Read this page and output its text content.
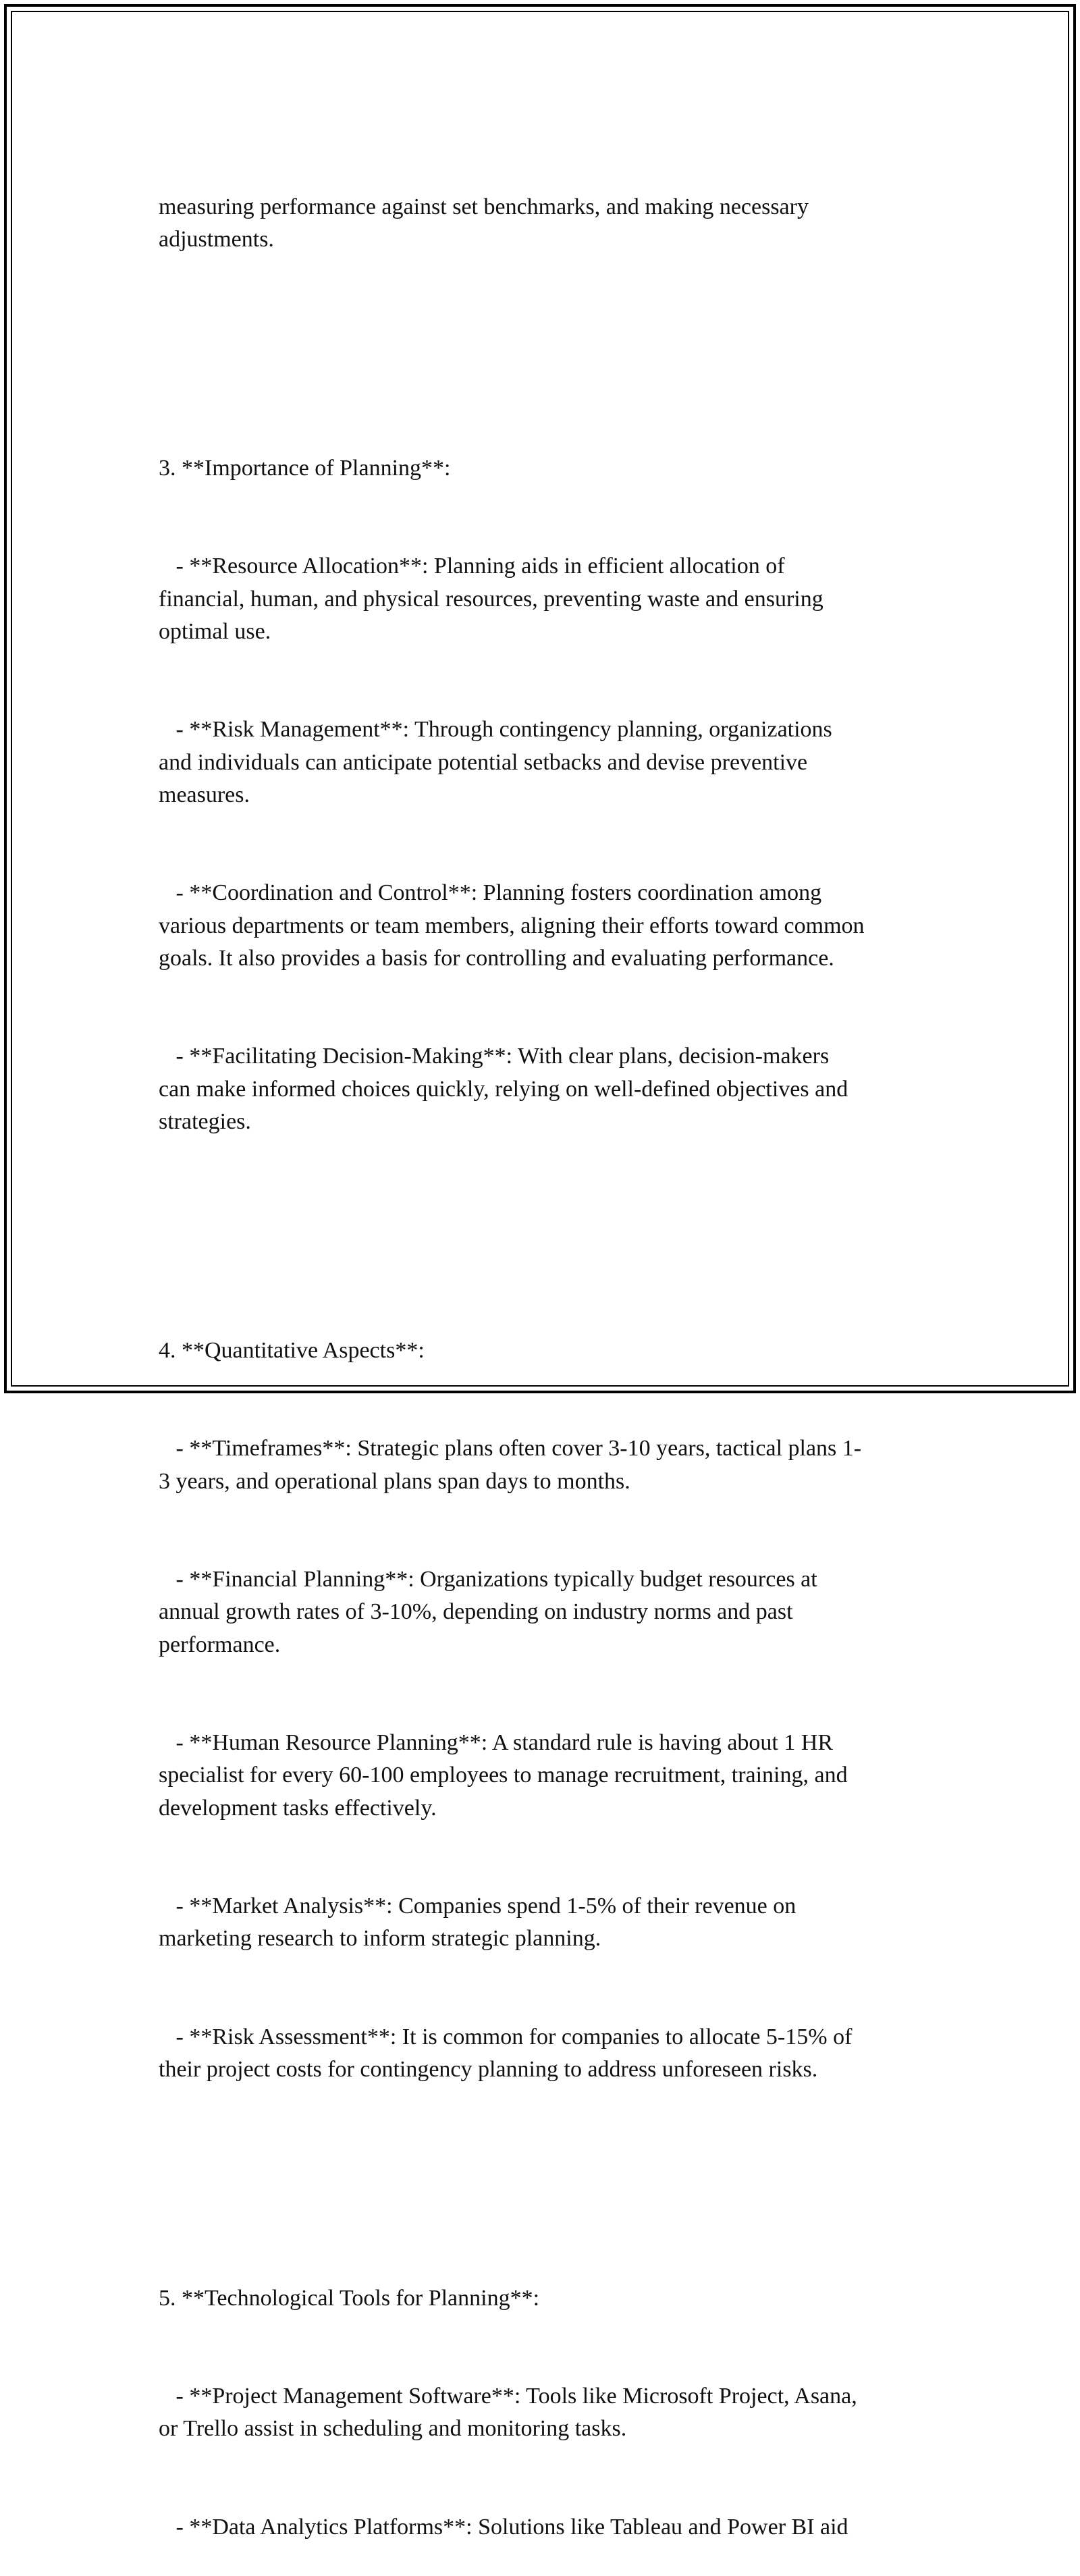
measuring performance against set benchmarks, and making necessary
adjustments.

3. **Importance of Planning**:

- **Resource Allocation**: Planning aids in efficient allocation of
financial, human, and physical resources, preventing waste and ensuring
optimal use.

- **Risk Management**: Through contingency planning, organizations
and individuals can anticipate potential setbacks and devise preventive
measures.

- **Coordination and Control**: Planning fosters coordination among
various departments or team members, aligning their efforts toward common
goals. It also provides a basis for controlling and evaluating performance.

- **Facilitating Decision-Making**: With clear plans, decision-makers
can make informed choices quickly, relying on well-defined objectives and
strategies.

4. **Quantitative Aspects**:

- **Timeframes**: Strategic plans often cover 3-10 years, tactical plans 1-
3 years, and operational plans span days to months.

- **Financial Planning**: Organizations typically budget resources at
annual growth rates of 3-10%, depending on industry norms and past
performance.

- **Human Resource Planning**: A standard rule is having about 1 HR
specialist for every 60-100 employees to manage recruitment, training, and
development tasks effectively.

- **Market Analysis**: Companies spend 1-5% of their revenue on
marketing research to inform strategic planning.

- **Risk Assessment**: It is common for companies to allocate 5-15% of
their project costs for contingency planning to address unforeseen risks.

5. **Technological Tools for Planning**:

- **Project Management Software**: Tools like Microsoft Project, Asana,
or Trello assist in scheduling and monitoring tasks.

- **Data Analytics Platforms**: Solutions like Tableau and Power BI aid
